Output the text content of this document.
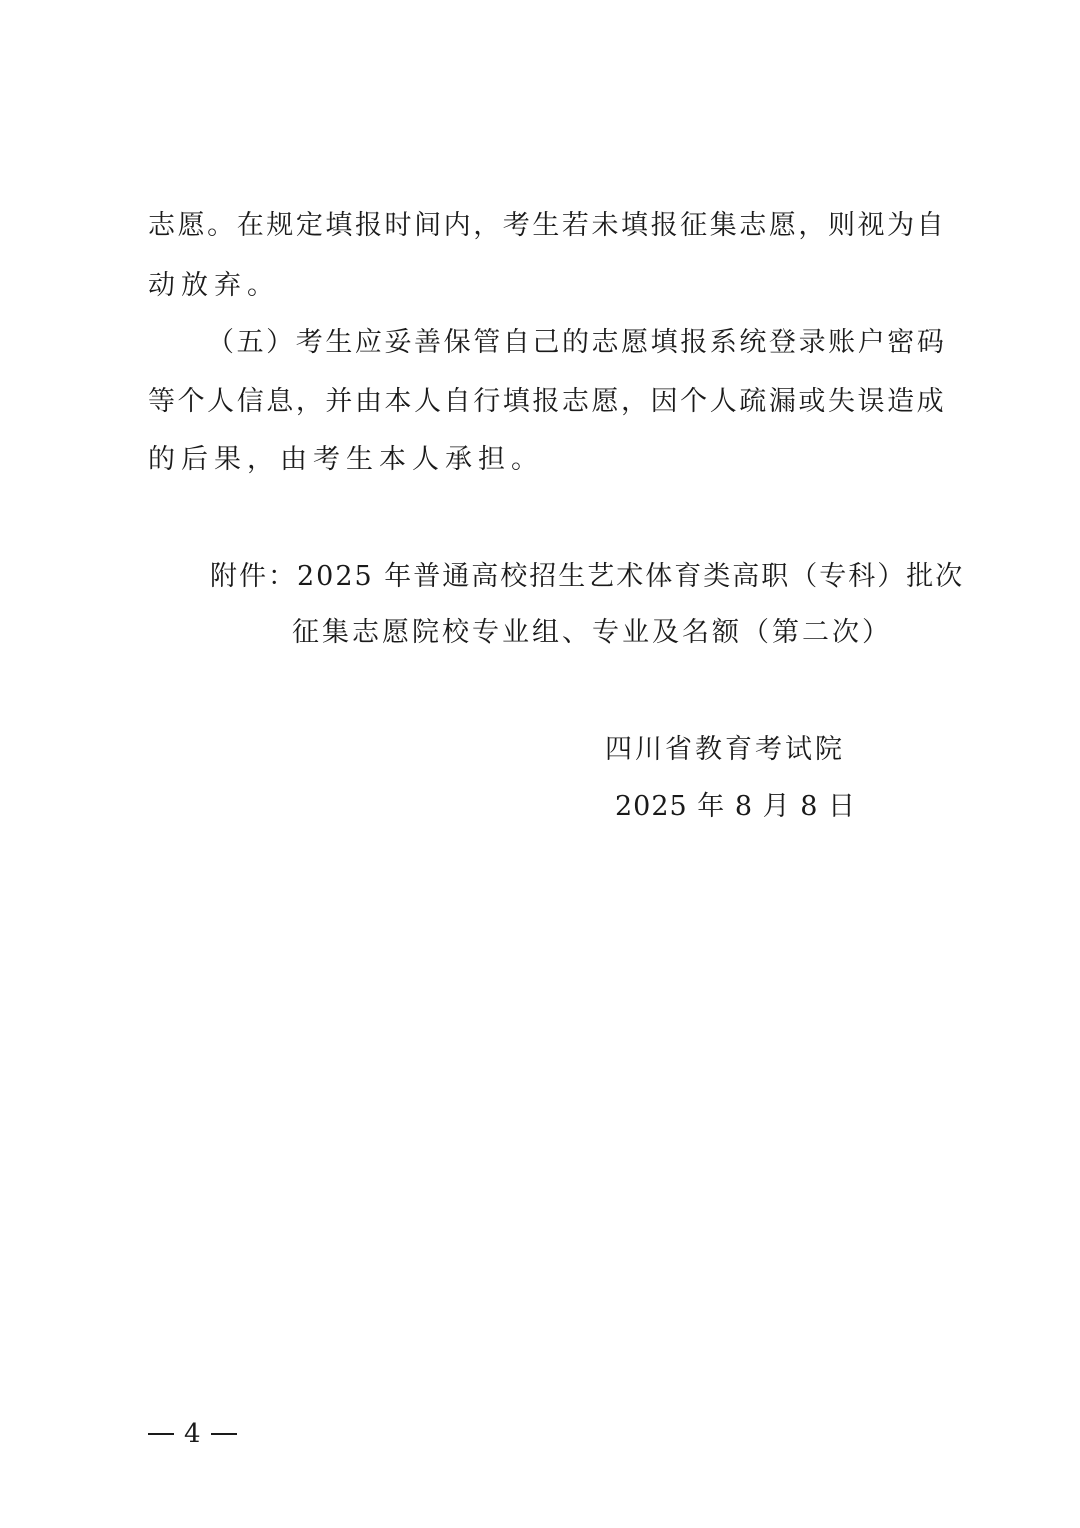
志 愿 。 在 规 定 填 报 时 间 内 ， 考 生 若 未 填 报 征 集 志 愿 ， 则 视 为 自
动放弃。
（ 五 ） 考 生 应 妥 善 保 管 自 己 的 志 愿 填 报 系 统 登 录 账 户 密 码
等 个 人 信 息 ， 并 由 本 人 自 行 填 报 志 愿 ， 因 个 人 疏 漏 或 失 误 造 成
的后果，由考生本人承担。
附件：2025 年普通高校招生艺术体育类高职（专科）批次
征集志愿院校专业组、专业及名额（第二次）
四川省教育考试院
2025 年 8 月 8 日
4
